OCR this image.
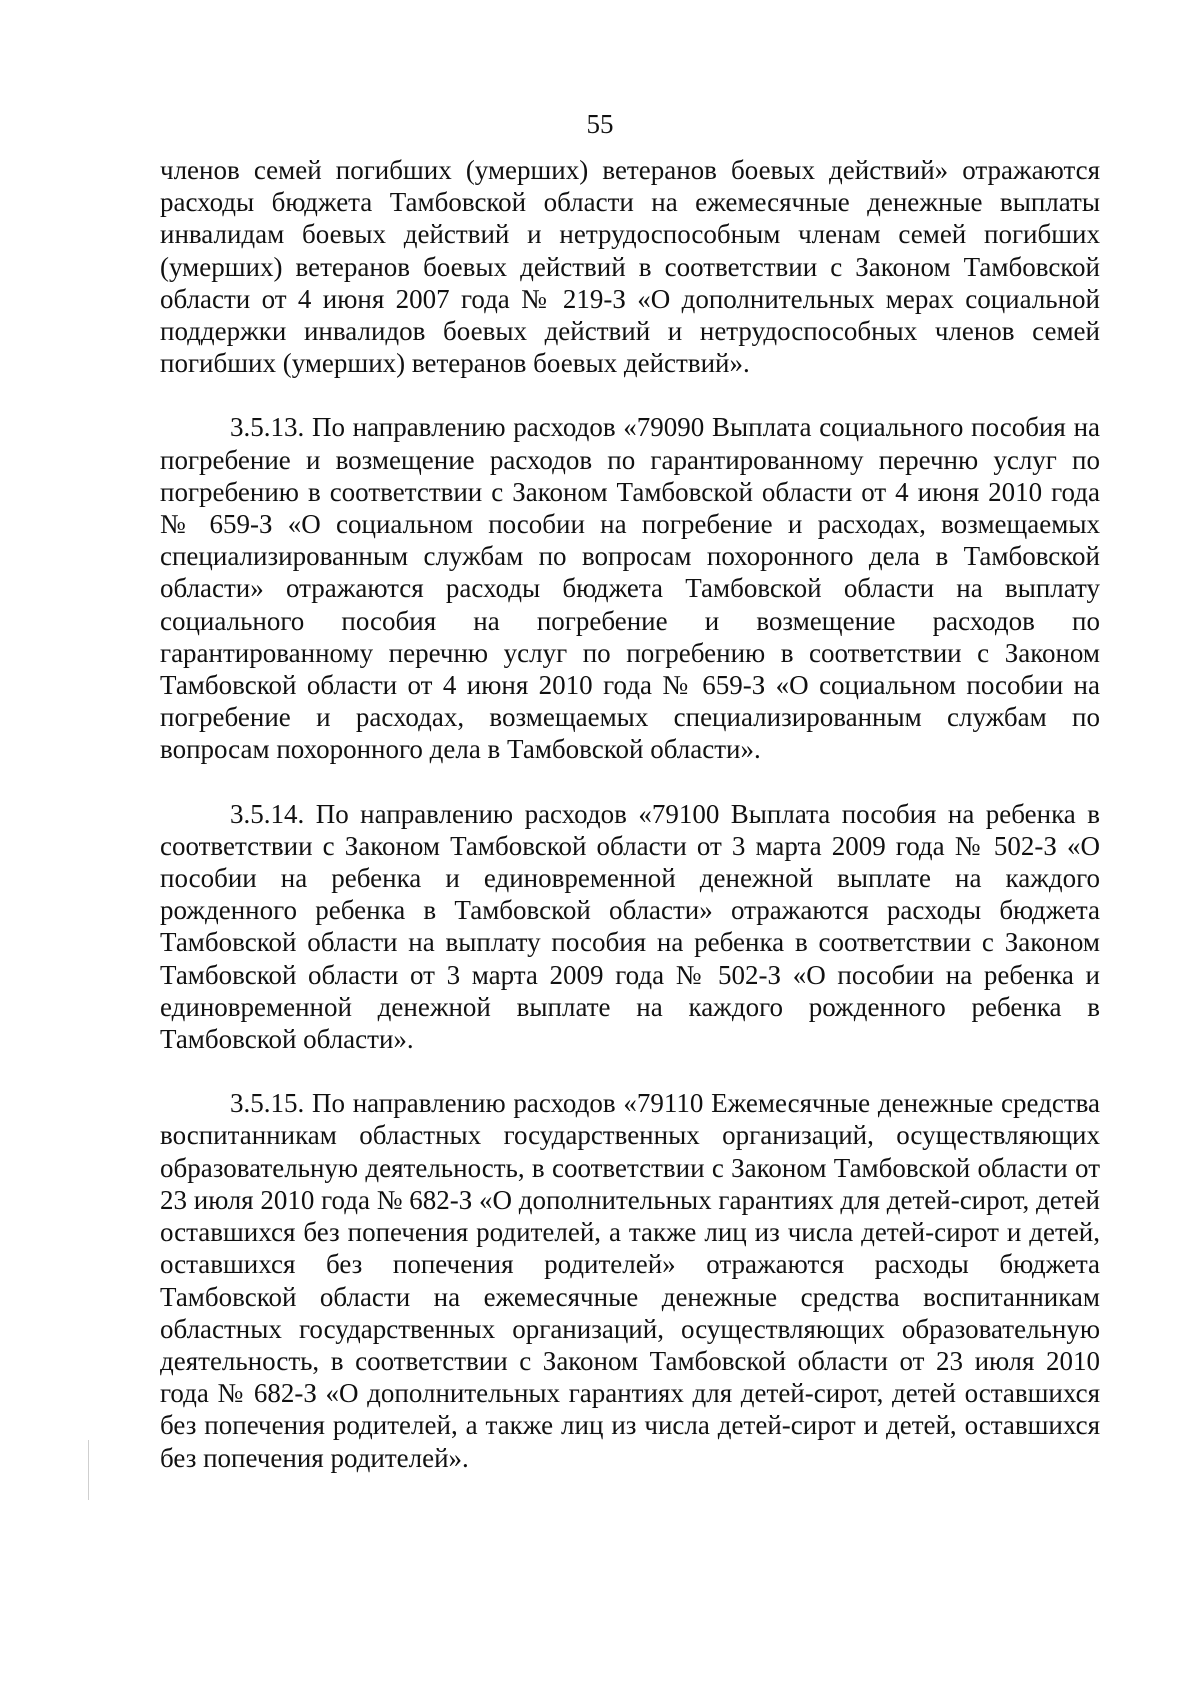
55

членов семей погибших (умерших) ветеранов боевых действий» отражаются расходы бюджета Тамбовской области на ежемесячные денежные выплаты инвалидам боевых действий и нетрудоспособным членам семей погибших (умерших) ветеранов боевых действий в соответствии с Законом Тамбовской области от 4 июня 2007 года № 219-З «О дополнительных мерах социальной поддержки инвалидов боевых действий и нетрудоспособных членов семей погибших (умерших) ветеранов боевых действий».

3.5.13. По направлению расходов «79090 Выплата социального пособия на погребение и возмещение расходов по гарантированному перечню услуг по погребению в соответствии с Законом Тамбовской области от 4 июня 2010 года № 659-З «О социальном пособии на погребение и расходах, возмещаемых специализированным службам по вопросам похоронного дела в Тамбовской области» отражаются расходы бюджета Тамбовской области на выплату социального пособия на погребение и возмещение расходов по гарантированному перечню услуг по погребению в соответствии с Законом Тамбовской области от 4 июня 2010 года № 659-З «О социальном пособии на погребение и расходах, возмещаемых специализированным службам по вопросам похоронного дела в Тамбовской области».

3.5.14. По направлению расходов «79100 Выплата пособия на ребенка в соответствии с Законом Тамбовской области от 3 марта 2009 года № 502-З «О пособии на ребенка и единовременной денежной выплате на каждого рожденного ребенка в Тамбовской области» отражаются расходы бюджета Тамбовской области на выплату пособия на ребенка в соответствии с Законом Тамбовской области от 3 марта 2009 года № 502-З «О пособии на ребенка и единовременной денежной выплате на каждого рожденного ребенка в Тамбовской области».

3.5.15. По направлению расходов «79110 Ежемесячные денежные средства воспитанникам областных государственных организаций, осуществляющих образовательную деятельность, в соответствии с Законом Тамбовской области от 23 июля 2010 года № 682-З «О дополнительных гарантиях для детей-сирот, детей оставшихся без попечения родителей, а также лиц из числа детей-сирот и детей, оставшихся без попечения родителей» отражаются расходы бюджета Тамбовской области на ежемесячные денежные средства воспитанникам областных государственных организаций, осуществляющих образовательную деятельность, в соответствии с Законом Тамбовской области от 23 июля 2010 года № 682-З «О дополнительных гарантиях для детей-сирот, детей оставшихся без попечения родителей, а также лиц из числа детей-сирот и детей, оставшихся без попечения родителей».
